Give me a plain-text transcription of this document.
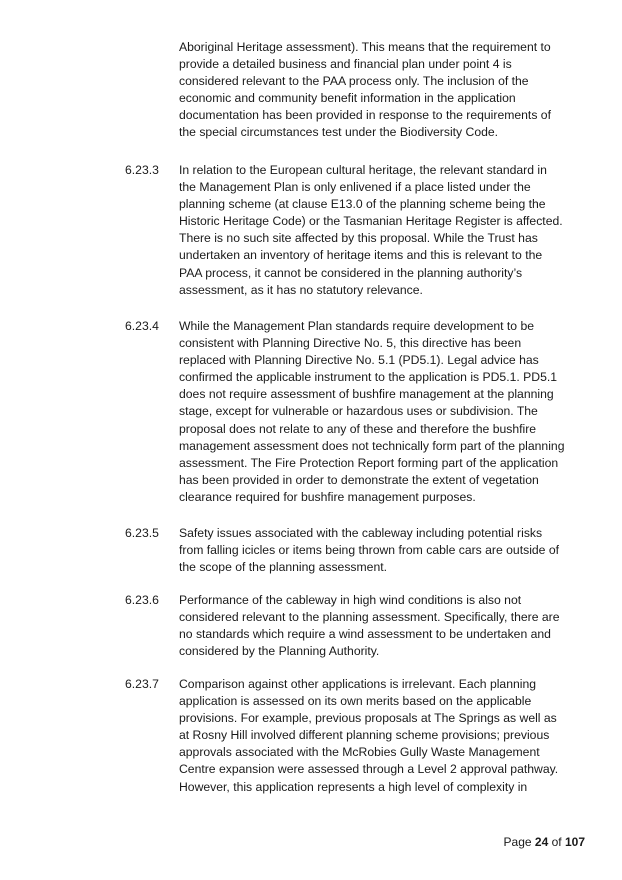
Aboriginal Heritage assessment). This means that the requirement to
provide a detailed business and financial plan under point 4 is
considered relevant to the PAA process only. The inclusion of the
economic and community benefit information in the application
documentation has been provided in response to the requirements of
the special circumstances test under the Biodiversity Code.
6.23.3	In relation to the European cultural heritage, the relevant standard in
the Management Plan is only enlivened if a place listed under the
planning scheme (at clause E13.0 of the planning scheme being the
Historic Heritage Code) or the Tasmanian Heritage Register is affected.
There is no such site affected by this proposal. While the Trust has
undertaken an inventory of heritage items and this is relevant to the
PAA process, it cannot be considered in the planning authority’s
assessment, as it has no statutory relevance.
6.23.4	While the Management Plan standards require development to be
consistent with Planning Directive No. 5, this directive has been
replaced with Planning Directive No. 5.1 (PD5.1). Legal advice has
confirmed the applicable instrument to the application is PD5.1. PD5.1
does not require assessment of bushfire management at the planning
stage, except for vulnerable or hazardous uses or subdivision. The
proposal does not relate to any of these and therefore the bushfire
management assessment does not technically form part of the planning
assessment. The Fire Protection Report forming part of the application
has been provided in order to demonstrate the extent of vegetation
clearance required for bushfire management purposes.
6.23.5	Safety issues associated with the cableway including potential risks
from falling icicles or items being thrown from cable cars are outside of
the scope of the planning assessment.
6.23.6	Performance of the cableway in high wind conditions is also not
considered relevant to the planning assessment. Specifically, there are
no standards which require a wind assessment to be undertaken and
considered by the Planning Authority.
6.23.7	Comparison against other applications is irrelevant. Each planning
application is assessed on its own merits based on the applicable
provisions. For example, previous proposals at The Springs as well as
at Rosny Hill involved different planning scheme provisions; previous
approvals associated with the McRobies Gully Waste Management
Centre expansion were assessed through a Level 2 approval pathway.
However, this application represents a high level of complexity in
Page 24 of 107
